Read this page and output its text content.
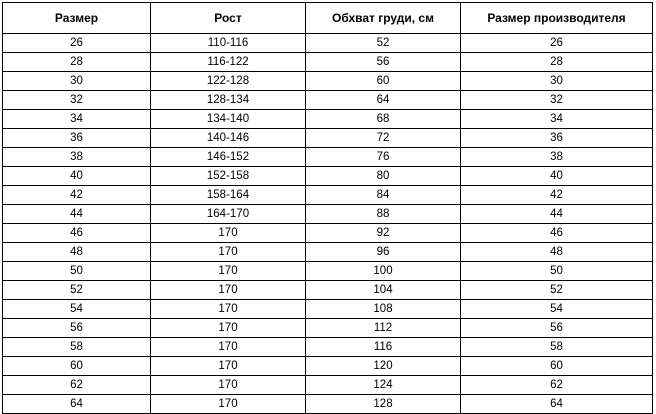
Размер	Рост	Обхват груди, см	Размер производителя
26	110-116	52	26
28	116-122	56	28
30	122-128	60	30
32	128-134	64	32
34	134-140	68	34
36	140-146	72	36
38	146-152	76	38
40	152-158	80	40
42	158-164	84	42
44	164-170	88	44
46	170	92	46
48	170	96	48
50	170	100	50
52	170	104	52
54	170	108	54
56	170	112	56
58	170	116	58
60	170	120	60
62	170	124	62
64	170	128	64
